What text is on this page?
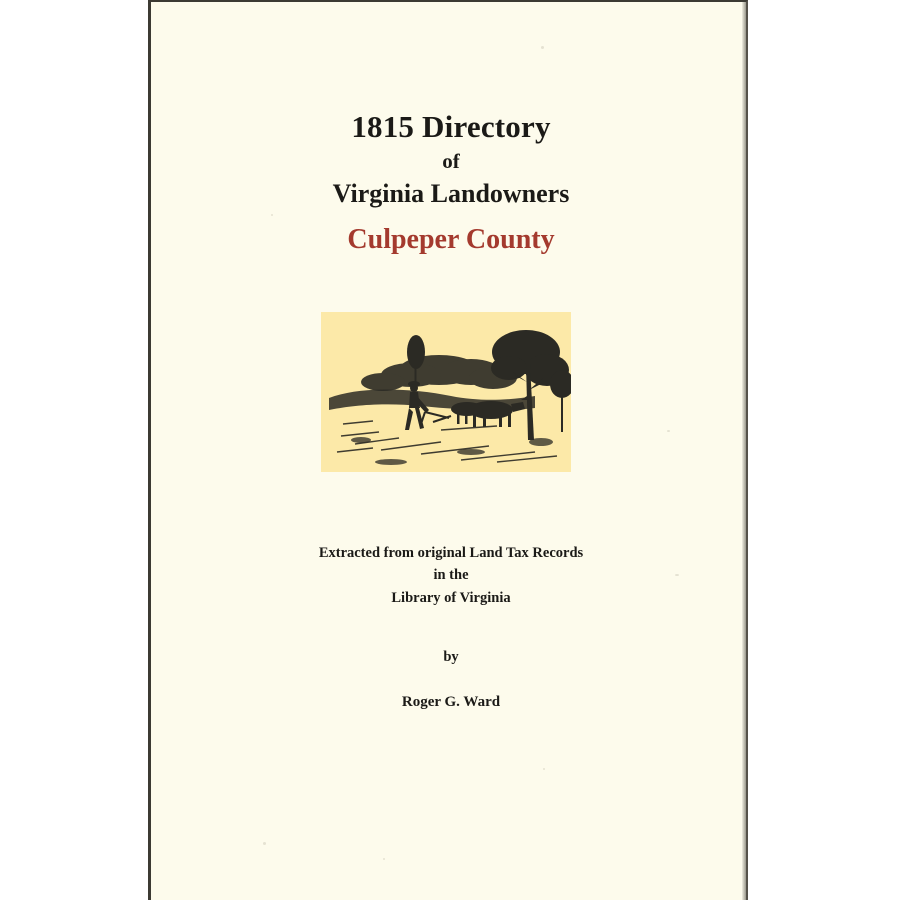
1815 Directory
of
Virginia Landowners
Culpeper County
Extracted from original Land Tax Records
in the
Library of Virginia
by
Roger G. Ward
